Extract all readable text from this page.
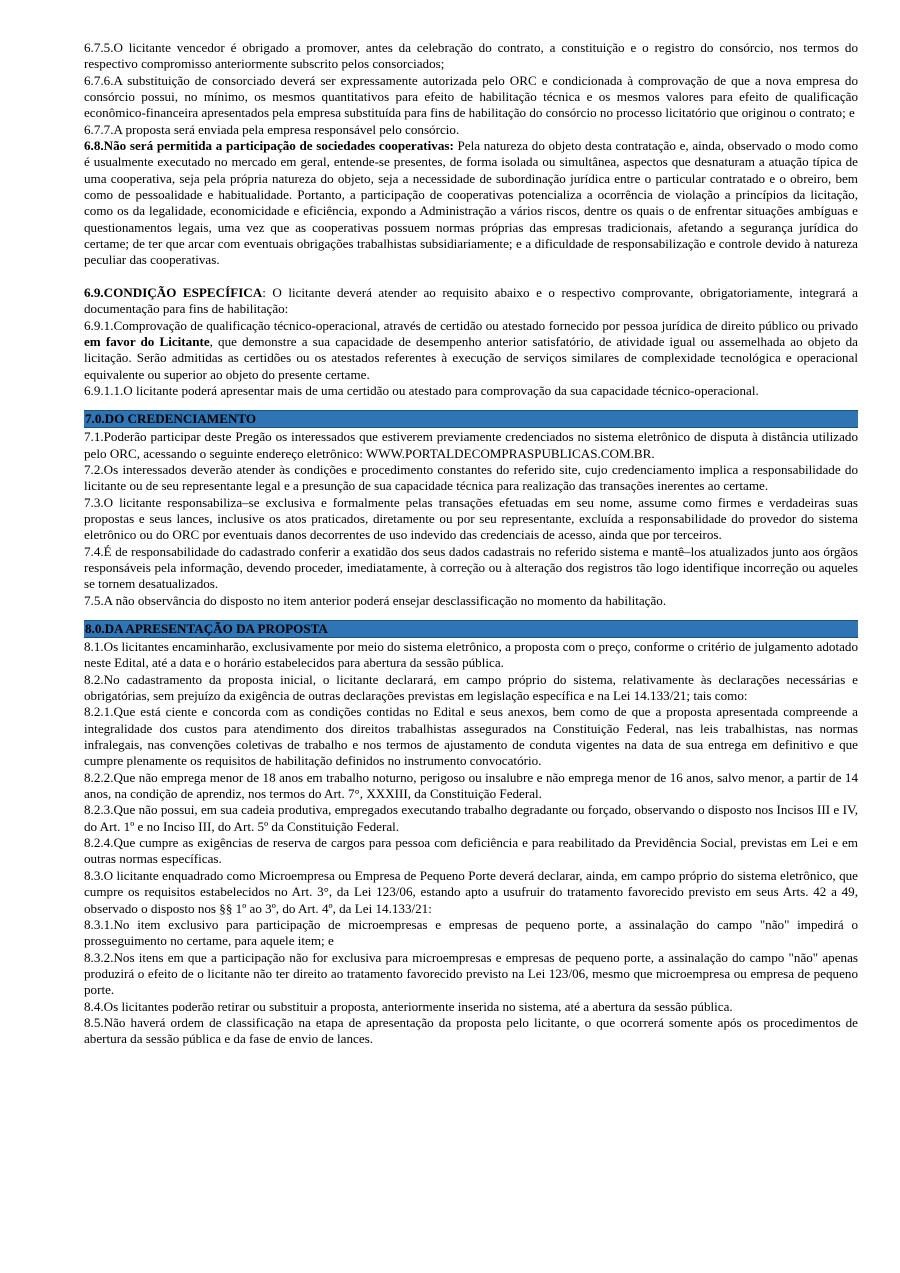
6.7.5.O licitante vencedor é obrigado a promover, antes da celebração do contrato, a constituição e o registro do consórcio, nos termos do respectivo compromisso anteriormente subscrito pelos consorciados;

6.7.6.A substituição de consorciado deverá ser expressamente autorizada pelo ORC e condicionada à comprovação de que a nova empresa do consórcio possui, no mínimo, os mesmos quantitativos para efeito de habilitação técnica e os mesmos valores para efeito de qualificação econômico-financeira apresentados pela empresa substituída para fins de habilitação do consórcio no processo licitatório que originou o contrato; e

6.7.7.A proposta será enviada pela empresa responsável pelo consórcio.

6.8.Não será permitida a participação de sociedades cooperativas: Pela natureza do objeto desta contratação e, ainda, observado o modo como é usualmente executado no mercado em geral, entende-se presentes, de forma isolada ou simultânea, aspectos que desnaturam a atuação típica de uma cooperativa, seja pela própria natureza do objeto, seja a necessidade de subordinação jurídica entre o particular contratado e o obreiro, bem como de pessoalidade e habitualidade. Portanto, a participação de cooperativas potencializa a ocorrência de violação a princípios da licitação, como os da legalidade, economicidade e eficiência, expondo a Administração a vários riscos, dentre os quais o de enfrentar situações ambíguas e questionamentos legais, uma vez que as cooperativas possuem normas próprias das empresas tradicionais, afetando a segurança jurídica do certame; de ter que arcar com eventuais obrigações trabalhistas subsidiariamente; e a dificuldade de responsabilização e controle devido à natureza peculiar das cooperativas.

6.9.CONDIÇÃO ESPECÍFICA: O licitante deverá atender ao requisito abaixo e o respectivo comprovante, obrigatoriamente, integrará a documentação para fins de habilitação:

6.9.1.Comprovação de qualificação técnico-operacional, através de certidão ou atestado fornecido por pessoa jurídica de direito público ou privado em favor do Licitante, que demonstre a sua capacidade de desempenho anterior satisfatório, de atividade igual ou assemelhada ao objeto da licitação. Serão admitidas as certidões ou os atestados referentes à execução de serviços similares de complexidade tecnológica e operacional equivalente ou superior ao objeto do presente certame.

6.9.1.1.O licitante poderá apresentar mais de uma certidão ou atestado para comprovação da sua capacidade técnico-operacional.

7.0.DO CREDENCIAMENTO

7.1.Poderão participar deste Pregão os interessados que estiverem previamente credenciados no sistema eletrônico de disputa à distância utilizado pelo ORC, acessando o seguinte endereço eletrônico: WWW.PORTALDECOMPRASPUBLICAS.COM.BR.

7.2.Os interessados deverão atender às condições e procedimento constantes do referido site, cujo credenciamento implica a responsabilidade do licitante ou de seu representante legal e a presunção de sua capacidade técnica para realização das transações inerentes ao certame.

7.3.O licitante responsabiliza–se exclusiva e formalmente pelas transações efetuadas em seu nome, assume como firmes e verdadeiras suas propostas e seus lances, inclusive os atos praticados, diretamente ou por seu representante, excluída a responsabilidade do provedor do sistema eletrônico ou do ORC por eventuais danos decorrentes de uso indevido das credenciais de acesso, ainda que por terceiros.

7.4.É de responsabilidade do cadastrado conferir a exatidão dos seus dados cadastrais no referido sistema e mantê–los atualizados junto aos órgãos responsáveis pela informação, devendo proceder, imediatamente, à correção ou à alteração dos registros tão logo identifique incorreção ou aqueles se tornem desatualizados.

7.5.A não observância do disposto no item anterior poderá ensejar desclassificação no momento da habilitação.

8.0.DA APRESENTAÇÃO DA PROPOSTA

8.1.Os licitantes encaminharão, exclusivamente por meio do sistema eletrônico, a proposta com o preço, conforme o critério de julgamento adotado neste Edital, até a data e o horário estabelecidos para abertura da sessão pública.

8.2.No cadastramento da proposta inicial, o licitante declarará, em campo próprio do sistema, relativamente às declarações necessárias e obrigatórias, sem prejuízo da exigência de outras declarações previstas em legislação específica e na Lei 14.133/21; tais como:

8.2.1.Que está ciente e concorda com as condições contidas no Edital e seus anexos, bem como de que a proposta apresentada compreende a integralidade dos custos para atendimento dos direitos trabalhistas assegurados na Constituição Federal, nas leis trabalhistas, nas normas infralegais, nas convenções coletivas de trabalho e nos termos de ajustamento de conduta vigentes na data de sua entrega em definitivo e que cumpre plenamente os requisitos de habilitação definidos no instrumento convocatório.

8.2.2.Que não emprega menor de 18 anos em trabalho noturno, perigoso ou insalubre e não emprega menor de 16 anos, salvo menor, a partir de 14 anos, na condição de aprendiz, nos termos do Art. 7°, XXXIII, da Constituição Federal.

8.2.3.Que não possui, em sua cadeia produtiva, empregados executando trabalho degradante ou forçado, observando o disposto nos Incisos III e IV, do Art. 1º e no Inciso III, do Art. 5º da Constituição Federal.

8.2.4.Que cumpre as exigências de reserva de cargos para pessoa com deficiência e para reabilitado da Previdência Social, previstas em Lei e em outras normas específicas.

8.3.O licitante enquadrado como Microempresa ou Empresa de Pequeno Porte deverá declarar, ainda, em campo próprio do sistema eletrônico, que cumpre os requisitos estabelecidos no Art. 3°, da Lei 123/06, estando apto a usufruir do tratamento favorecido previsto em seus Arts. 42 a 49, observado o disposto nos §§ 1º ao 3º, do Art. 4º, da Lei 14.133/21:

8.3.1.No item exclusivo para participação de microempresas e empresas de pequeno porte, a assinalação do campo "não" impedirá o prosseguimento no certame, para aquele item; e

8.3.2.Nos itens em que a participação não for exclusiva para microempresas e empresas de pequeno porte, a assinalação do campo "não" apenas produzirá o efeito de o licitante não ter direito ao tratamento favorecido previsto na Lei 123/06, mesmo que microempresa ou empresa de pequeno porte.

8.4.Os licitantes poderão retirar ou substituir a proposta, anteriormente inserida no sistema, até a abertura da sessão pública.

8.5.Não haverá ordem de classificação na etapa de apresentação da proposta pelo licitante, o que ocorrerá somente após os procedimentos de abertura da sessão pública e da fase de envio de lances.
